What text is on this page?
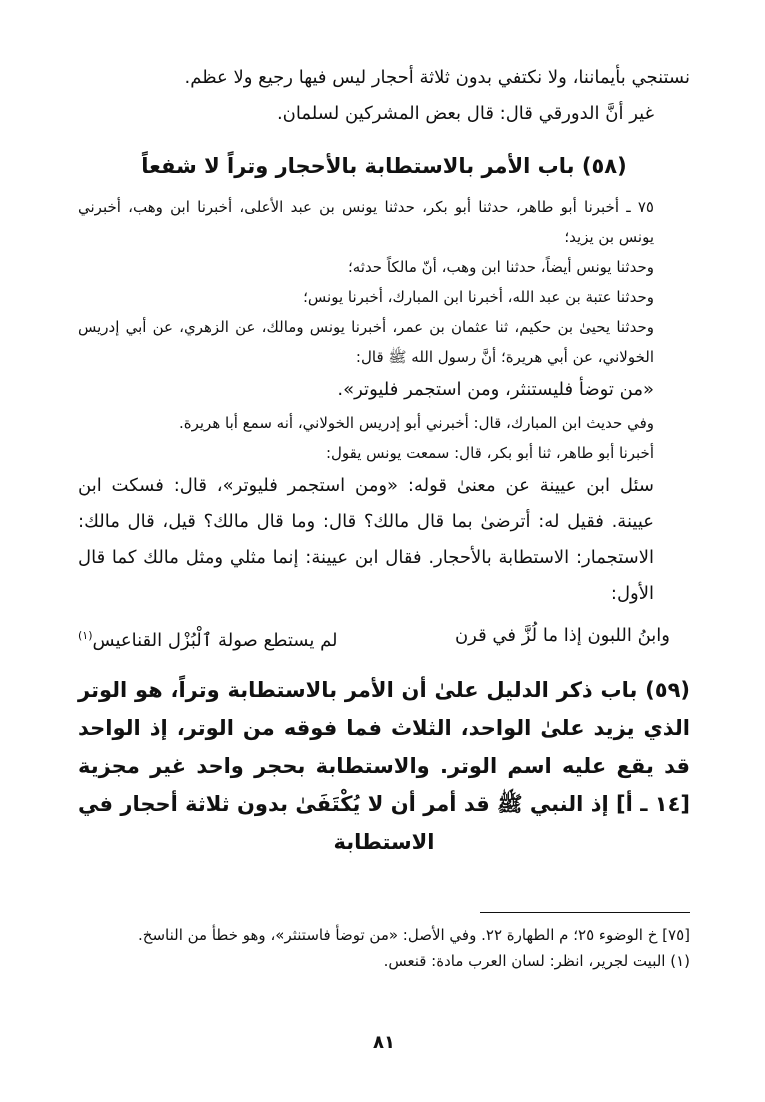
نستنجي بأيماننا، ولا نكتفي بدون ثلاثة أحجار ليس فيها رجيع ولا عظم.

غير أنَّ الدورقي قال: قال بعض المشركين لسلمان.

(٥٨) باب الأمر بالاستطابة بالأحجار وتراً لا شفعاً

٧٥ ـ أخبرنا أبو طاهر، حدثنا أبو بكر، حدثنا يونس بن عبد الأعلى، أخبرنا ابن وهب، أخبرني يونس بن يزيد؛

وحدثنا يونس أيضاً، حدثنا ابن وهب، أنّ مالكاً حدثه؛

وحدثنا عتبة بن عبد الله، أخبرنا ابن المبارك، أخبرنا يونس؛

وحدثنا يحيىٰ بن حكيم، ثنا عثمان بن عمر، أخبرنا يونس ومالك، عن الزهري، عن أبي إدريس الخولاني، عن أبي هريرة؛ أنَّ رسول الله ﷺ قال:

«من توضأ فليستنثر، ومن استجمر فليوتر».

وفي حديث ابن المبارك، قال: أخبرني أبو إدريس الخولاني، أنه سمع أبا هريرة.

أخبرنا أبو طاهر، ثنا أبو بكر، قال: سمعت يونس يقول:

سئل ابن عيينة عن معنىٰ قوله: «ومن استجمر فليوتر»، قال: فسكت ابن عيينة. فقيل له: أترضىٰ بما قال مالك؟ قال: وما قال مالك؟ قيل، قال مالك: الاستجمار: الاستطابة بالأحجار. فقال ابن عيينة: إنما مثلي ومثل مالك كما قال الأول:

وابنُ اللبون إذا ما لُزَّ في قرن
لم يستطع صولة ٱلْبُزْل القناعيس$^{(١)}$
(٥٩) باب ذكر الدليل علىٰ أن الأمر بالاستطابة وتراً، هو الوتر الذي يزيد علىٰ الواحد، الثلاث فما فوقه من الوتر، إذ الواحد قد يقع عليه اسم الوتر. والاستطابة بحجر واحد غير مجزية [١٤ ـ أ] إذ النبي ﷺ قد أمر أن لا يُكْتَفَىٰ بدون ثلاثة أحجار في الاستطابة
[٧٥] خ الوضوء ٢٥؛ م الطهارة ٢٢. وفي الأصل: «من توضأ فاستنثر»، وهو خطأ من الناسخ.
(١) البيت لجرير، انظر: لسان العرب مادة: قنعس.
٨١
